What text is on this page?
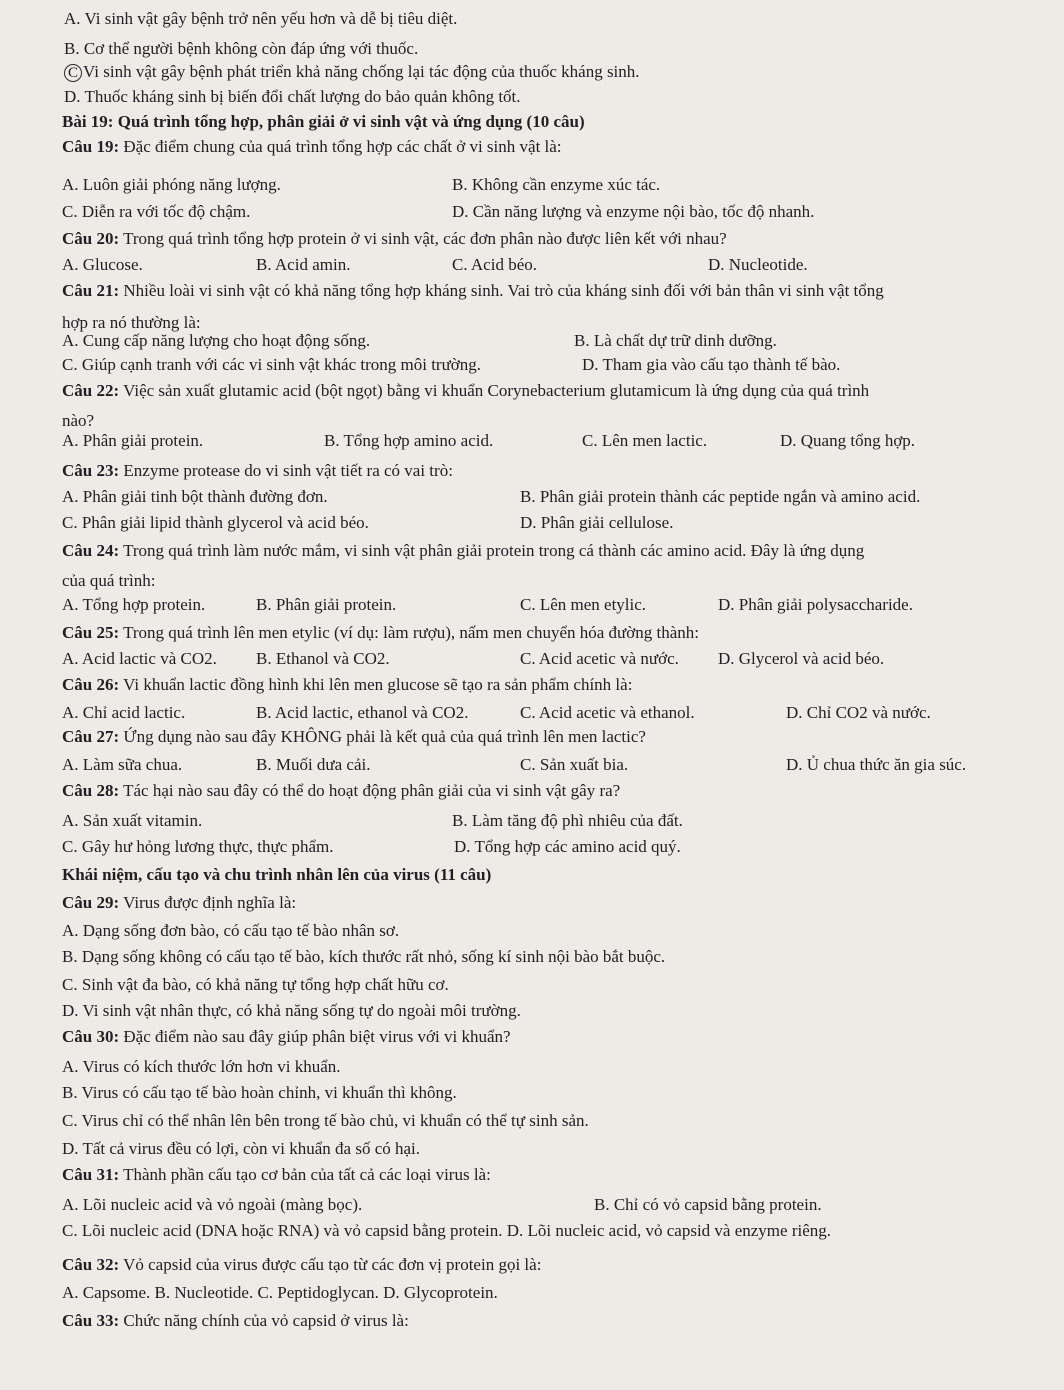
A. Vi sinh vật gây bệnh trở nên yếu hơn và dễ bị tiêu diệt.
B. Cơ thể người bệnh không còn đáp ứng với thuốc.
C Vi sinh vật gây bệnh phát triển khả năng chống lại tác động của thuốc kháng sinh.
D. Thuốc kháng sinh bị biến đổi chất lượng do bảo quản không tốt.
Bài 19: Quá trình tổng hợp, phân giải ở vi sinh vật và ứng dụng (10 câu)
Câu 19: Đặc điểm chung của quá trình tổng hợp các chất ở vi sinh vật là:
A. Luôn giải phóng năng lượng.	B. Không cần enzyme xúc tác.
C. Diễn ra với tốc độ chậm.	D. Cần năng lượng và enzyme nội bào, tốc độ nhanh.
Câu 20: Trong quá trình tổng hợp protein ở vi sinh vật, các đơn phân nào được liên kết với nhau?
A. Glucose.	B. Acid amin.	C. Acid béo.	D. Nucleotide.
Câu 21: Nhiều loài vi sinh vật có khả năng tổng hợp kháng sinh. Vai trò của kháng sinh đối với bản thân vi sinh vật tổng
hợp ra nó thường là:
A. Cung cấp năng lượng cho hoạt động sống.	B. Là chất dự trữ dinh dưỡng.
C. Giúp cạnh tranh với các vi sinh vật khác trong môi trường.	D. Tham gia vào cấu tạo thành tế bào.
Câu 22: Việc sản xuất glutamic acid (bột ngọt) bằng vi khuẩn Corynebacterium glutamicum là ứng dụng của quá trình
nào?
A. Phân giải protein.	B. Tổng hợp amino acid.	C. Lên men lactic.	D. Quang tổng hợp.
Câu 23: Enzyme protease do vi sinh vật tiết ra có vai trò:
A. Phân giải tinh bột thành đường đơn.	B. Phân giải protein thành các peptide ngắn và amino acid.
C. Phân giải lipid thành glycerol và acid béo.	D. Phân giải cellulose.
Câu 24: Trong quá trình làm nước mắm, vi sinh vật phân giải protein trong cá thành các amino acid. Đây là ứng dụng
của quá trình:
A. Tổng hợp protein.	B. Phân giải protein.	C. Lên men etylic.	D. Phân giải polysaccharide.
Câu 25: Trong quá trình lên men etylic (ví dụ: làm rượu), nấm men chuyển hóa đường thành:
A. Acid lactic và CO2. B. Ethanol và CO2.	C. Acid acetic và nước. D. Glycerol và acid béo.
Câu 26: Vi khuẩn lactic đồng hình khi lên men glucose sẽ tạo ra sản phẩm chính là:
A. Chỉ acid lactic.	B. Acid lactic, ethanol và CO2.	C. Acid acetic và ethanol.	D. Chỉ CO2 và nước.
Câu 27: Ứng dụng nào sau đây KHÔNG phải là kết quả của quá trình lên men lactic?
A. Làm sữa chua.	B. Muối dưa cải.	C. Sản xuất bia.	D. Ủ chua thức ăn gia súc.
Câu 28: Tác hại nào sau đây có thể do hoạt động phân giải của vi sinh vật gây ra?
A. Sản xuất vitamin.	B. Làm tăng độ phì nhiêu của đất.
C. Gây hư hỏng lương thực, thực phẩm.	D. Tổng hợp các amino acid quý.
Khái niệm, cấu tạo và chu trình nhân lên của virus (11 câu)
Câu 29: Virus được định nghĩa là:
A. Dạng sống đơn bào, có cấu tạo tế bào nhân sơ.
B. Dạng sống không có cấu tạo tế bào, kích thước rất nhỏ, sống kí sinh nội bào bắt buộc.
C. Sinh vật đa bào, có khả năng tự tổng hợp chất hữu cơ.
D. Vi sinh vật nhân thực, có khả năng sống tự do ngoài môi trường.
Câu 30: Đặc điểm nào sau đây giúp phân biệt virus với vi khuẩn?
A. Virus có kích thước lớn hơn vi khuẩn.
B. Virus có cấu tạo tế bào hoàn chỉnh, vi khuẩn thì không.
C. Virus chỉ có thể nhân lên bên trong tế bào chủ, vi khuẩn có thể tự sinh sản.
D. Tất cả virus đều có lợi, còn vi khuẩn đa số có hại.
Câu 31: Thành phần cấu tạo cơ bản của tất cả các loại virus là:
A. Lõi nucleic acid và vỏ ngoài (màng bọc).	B. Chỉ có vỏ capsid bằng protein.
C. Lõi nucleic acid (DNA hoặc RNA) và vỏ capsid bằng protein. D. Lõi nucleic acid, vỏ capsid và enzyme riêng.
Câu 32: Vỏ capsid của virus được cấu tạo từ các đơn vị protein gọi là:
A. Capsome. B. Nucleotide. C. Peptidoglycan. D. Glycoprotein.
Câu 33: Chức năng chính của vỏ capsid ở virus là:
